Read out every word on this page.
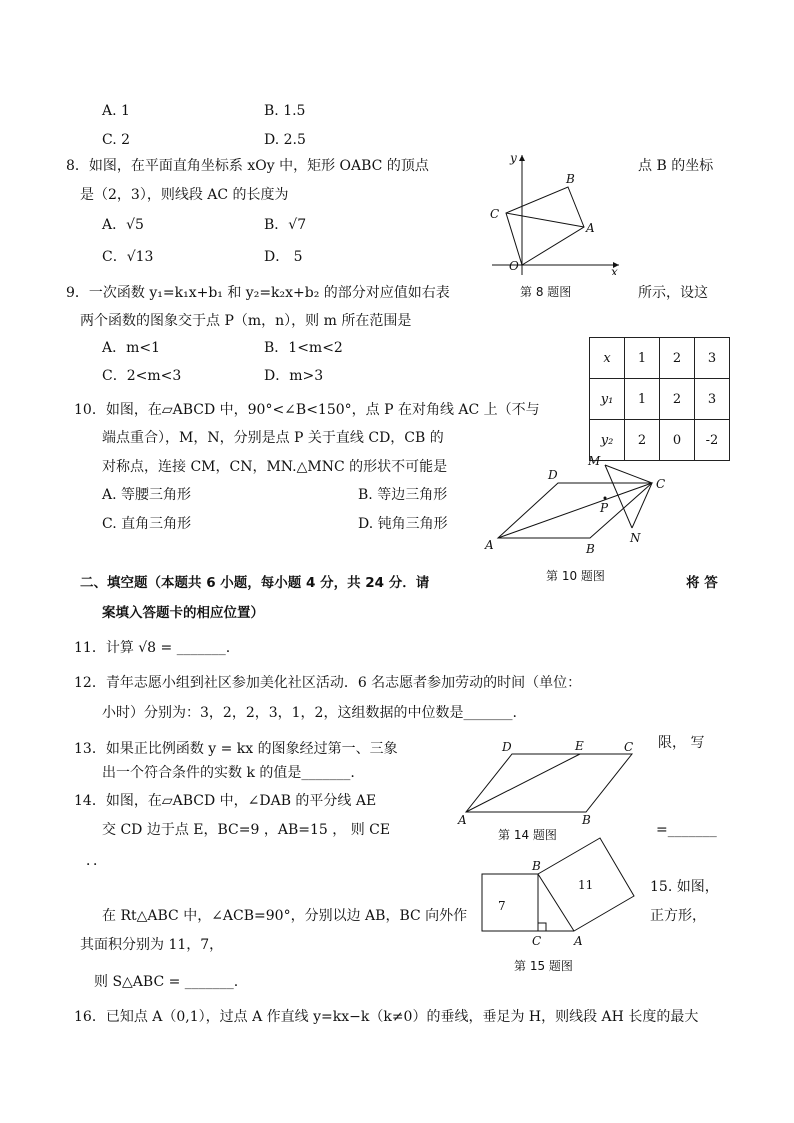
A. 1	B. 1.5
C. 2	D. 2.5
8．如图，在平面直角坐标系 xOy 中，矩形 OABC 的顶点	点 B 的坐标
是（2，3），则线段 AC 的长度为
A．√5	B．√7
C．√13	D． 5
y
x
O
A
B
C
第 8 题图
9．一次函数 y₁=k₁x+b₁ 和 y₂=k₂x+b₂ 的部分对应值如右表	所示，设这
两个函数的图象交于点 P（m，n），则 m 所在范围是
A．m<1	B．1<m<2
C．2<m<3	D．m>3
x	1	2	3
y₁	1	2	3
y₂	2	0	-2
10．如图，在▱ABCD 中，90°<∠B<150°，点 P 在对角线 AC 上（不与
端点重合），M，N，分别是点 P 关于直线 CD，CB 的
对称点，连接 CM，CN，MN.△MNC 的形状不可能是
A. 等腰三角形	B. 等边三角形
C. 直角三角形	D. 钝角三角形
A	B
C
D
M
N
P
第 10 题图
二、填空题（本题共 6 小题，每小题 4 分，共 24 分．请	将 答
案填入答题卡的相应位置）
11．计算 √8 = _______.
12．青年志愿小组到社区参加美化社区活动．6 名志愿者参加劳动的时间（单位：
小时）分别为：3，2，2，3，1，2，这组数据的中位数是_______.
13．如果正比例函数 y = kx 的图象经过第一、三象	限， 写
出一个符合条件的实数 k 的值是_______.
14．如图，在▱ABCD 中，∠DAB 的平分线 AE
交 CD 边于点 E，BC=9 ，AB=15 ， 则 CE	=_______
．．
A	B
C
D	E
第 14 题图
15. 如图，
在 Rt△ABC 中，∠ACB=90°，分别以边 AB，BC 向外作	正方形，
其面积分别为 11，7，
则 S△ABC = _______.
B
C	A
7
11
第 15 题图
16．已知点 A（0,1），过点 A 作直线 y=kx−k（k≠0）的垂线，垂足为 H，则线段 AH 长度的最大
